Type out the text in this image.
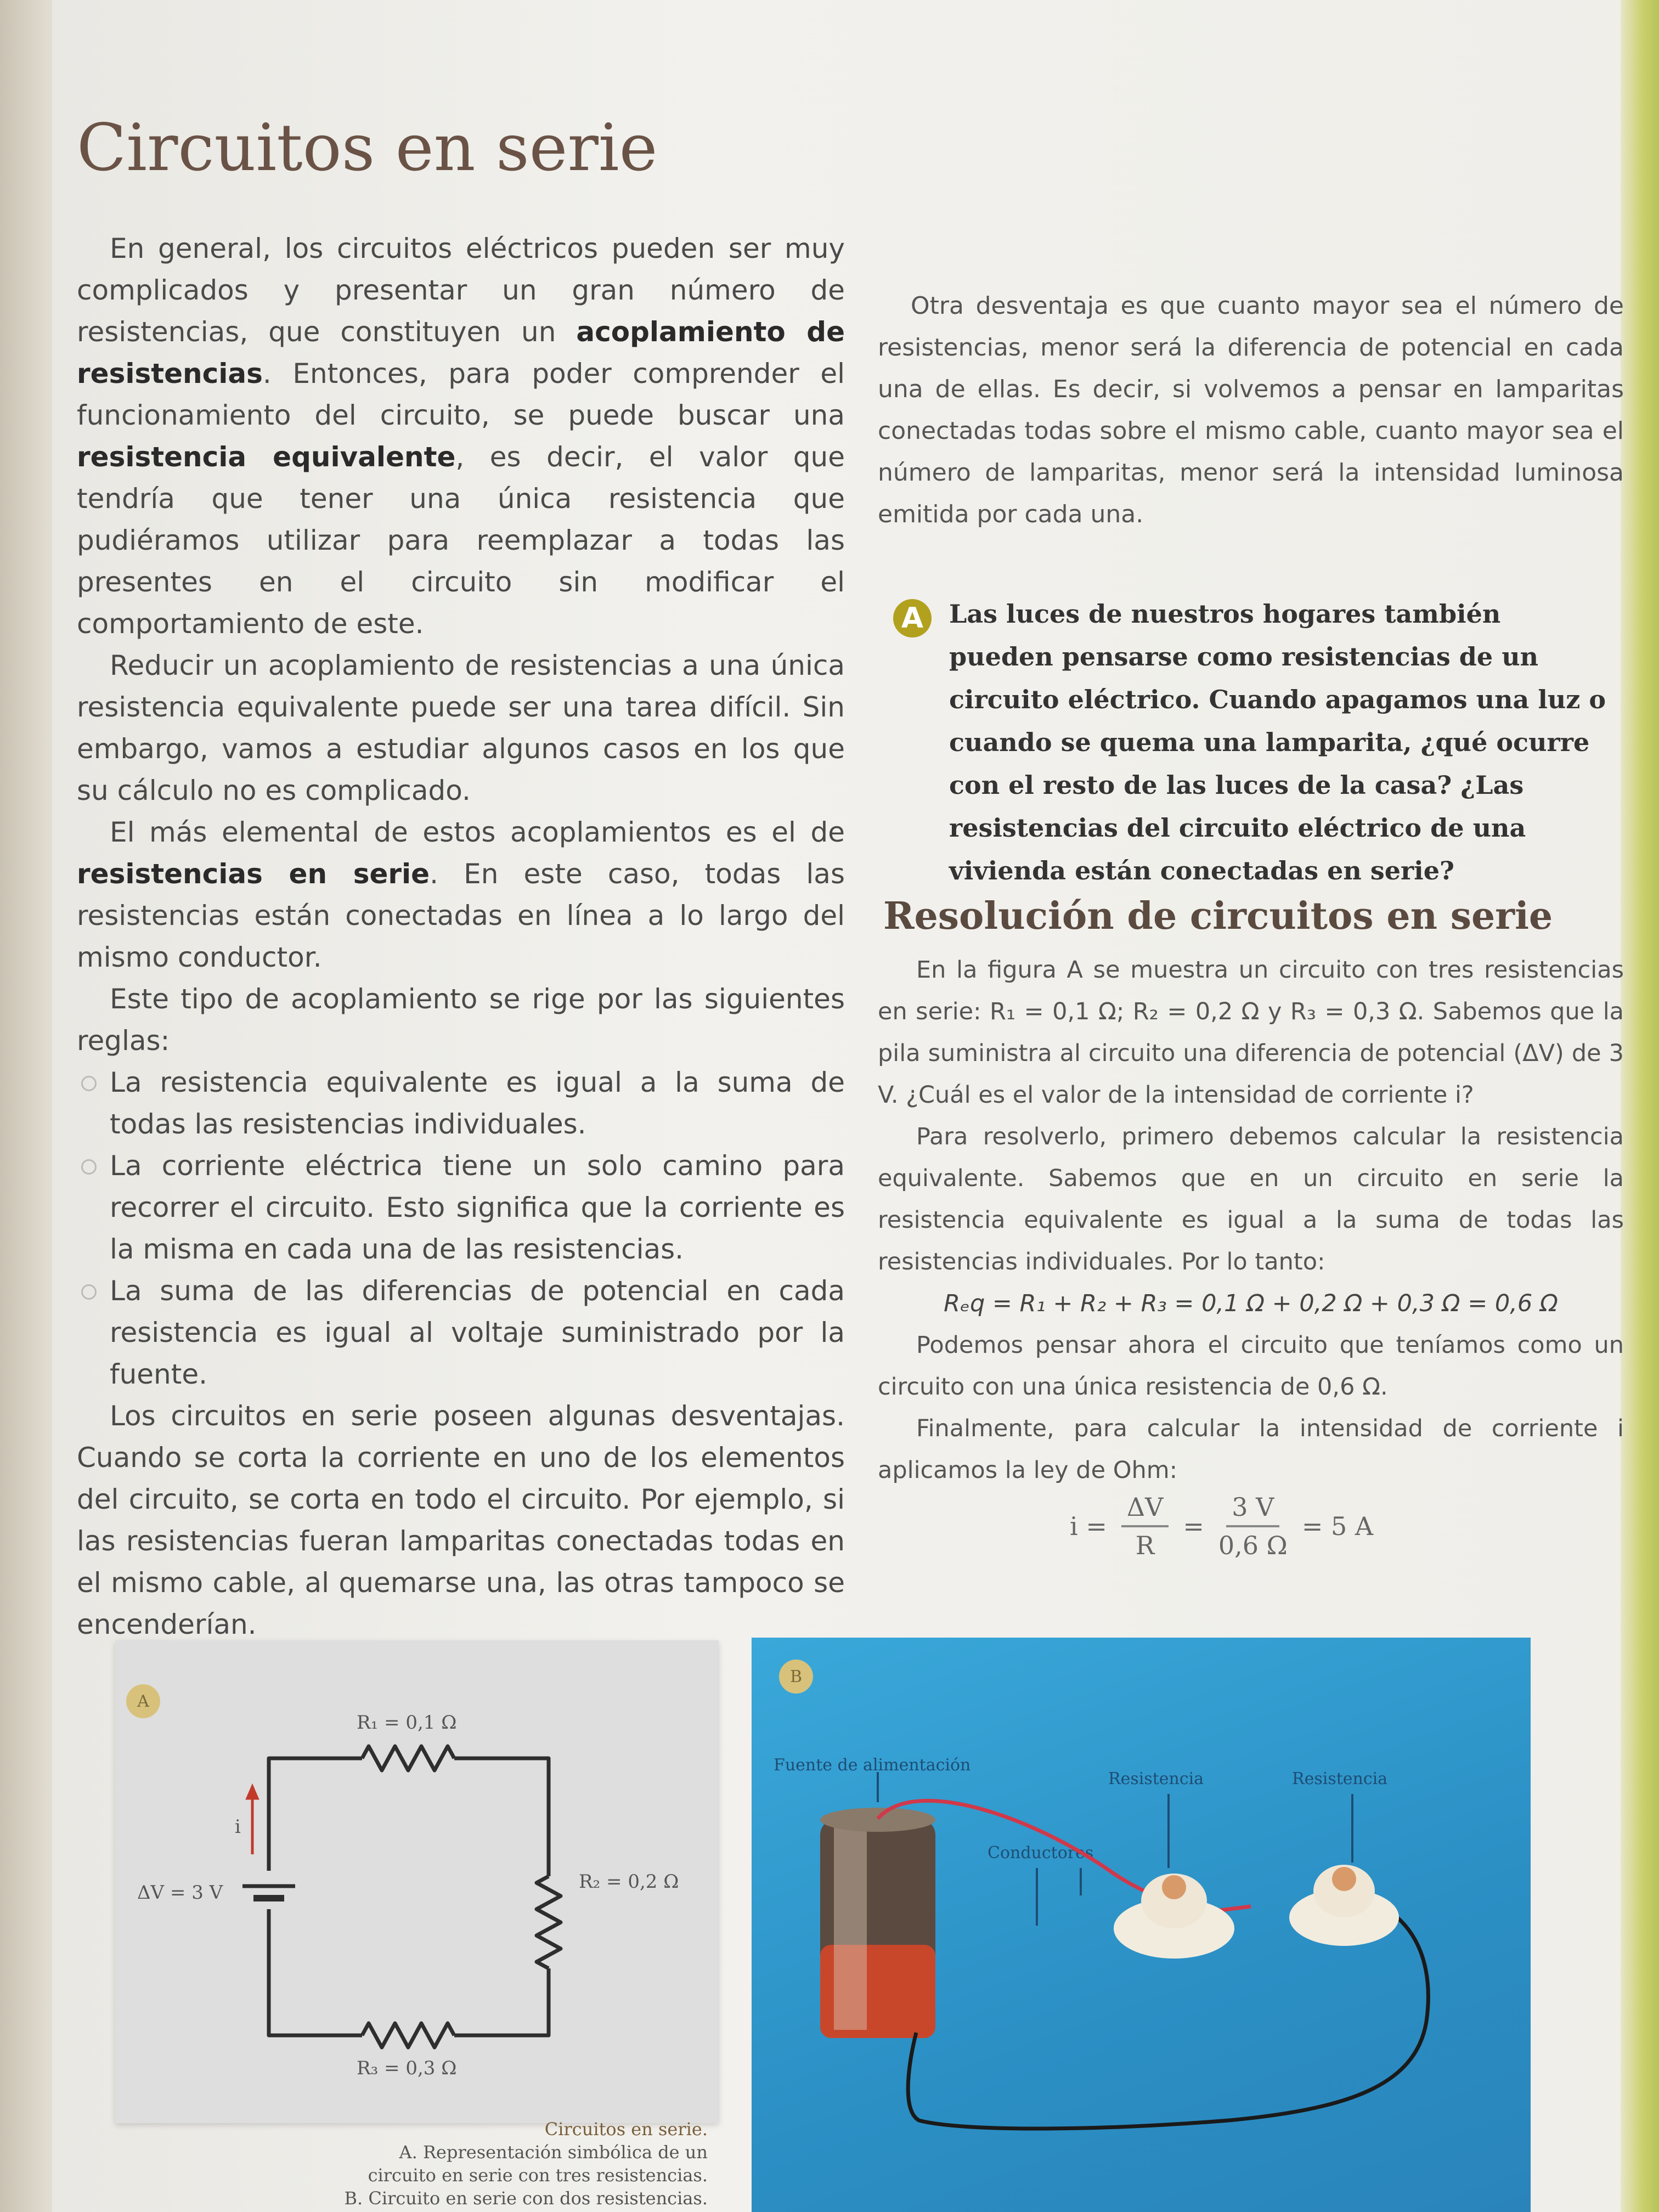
Circuitos en serie

En general, los circuitos eléctricos pueden ser muy complicados y presentar un gran número de resistencias, que constituyen un acoplamiento de resistencias. Entonces, para poder comprender el funcionamiento del circuito, se puede buscar una resistencia equivalente, es decir, el valor que tendría que tener una única resistencia que pudiéramos utilizar para reemplazar a todas las presentes en el circuito sin modificar el comportamiento de este.

Reducir un acoplamiento de resistencias a una única resistencia equivalente puede ser una tarea difícil. Sin embargo, vamos a estudiar algunos casos en los que su cálculo no es complicado.

El más elemental de estos acoplamientos es el de resistencias en serie. En este caso, todas las resistencias están conectadas en línea a lo largo del mismo conductor.

Este tipo de acoplamiento se rige por las siguientes reglas:

La resistencia equivalente es igual a la suma de todas las resistencias individuales.
La corriente eléctrica tiene un solo camino para recorrer el circuito. Esto significa que la corriente es la misma en cada una de las resistencias.
La suma de las diferencias de potencial en cada resistencia es igual al voltaje suministrado por la fuente.

Los circuitos en serie poseen algunas desventajas. Cuando se corta la corriente en uno de los elementos del circuito, se corta en todo el circuito. Por ejemplo, si las resistencias fueran lamparitas conectadas todas en el mismo cable, al quemarse una, las otras tampoco se encenderían.

Otra desventaja es que cuanto mayor sea el número de resistencias, menor será la diferencia de potencial en cada una de ellas. Es decir, si volvemos a pensar en lamparitas conectadas todas sobre el mismo cable, cuanto mayor sea el número de lamparitas, menor será la intensidad luminosa emitida por cada una.

A	Las luces de nuestros hogares también pueden pensarse como resistencias de un circuito eléctrico. Cuando apagamos una luz o cuando se quema una lamparita, ¿qué ocurre con el resto de las luces de la casa? ¿Las resistencias del circuito eléctrico de una vivienda están conectadas en serie?
Resolución de circuitos en serie

En la figura A se muestra un circuito con tres resistencias en serie: R₁ = 0,1 Ω; R₂ = 0,2 Ω y R₃ = 0,3 Ω. Sabemos que la pila suministra al circuito una diferencia de potencial (ΔV) de 3 V. ¿Cuál es el valor de la intensidad de corriente i?

Para resolverlo, primero debemos calcular la resistencia equivalente. Sabemos que en un circuito en serie la resistencia equivalente es igual a la suma de todas las resistencias individuales. Por lo tanto:

Rₑq = R₁ + R₂ + R₃ = 0,1 Ω + 0,2 Ω + 0,3 Ω = 0,6 Ω

Podemos pensar ahora el circuito que teníamos como un circuito con una única resistencia de 0,6 Ω.

Finalmente, para calcular la intensidad de corriente i aplicamos la ley de Ohm:

$i = \frac{\Delta V}{R} = \frac{3 V}{0,6 \Omega} = 5$ A
A
R₁ = 0,1 Ω
R₂ = 0,2 Ω
R₃ = 0,3 Ω
i
ΔV = 3 V
B
Fuente de alimentación
Resistencia	Resistencia
Conductores
Circuitos en serie.
A. Representación simbólica de un
circuito en serie con tres resistencias.
B. Circuito en serie con dos resistencias.
